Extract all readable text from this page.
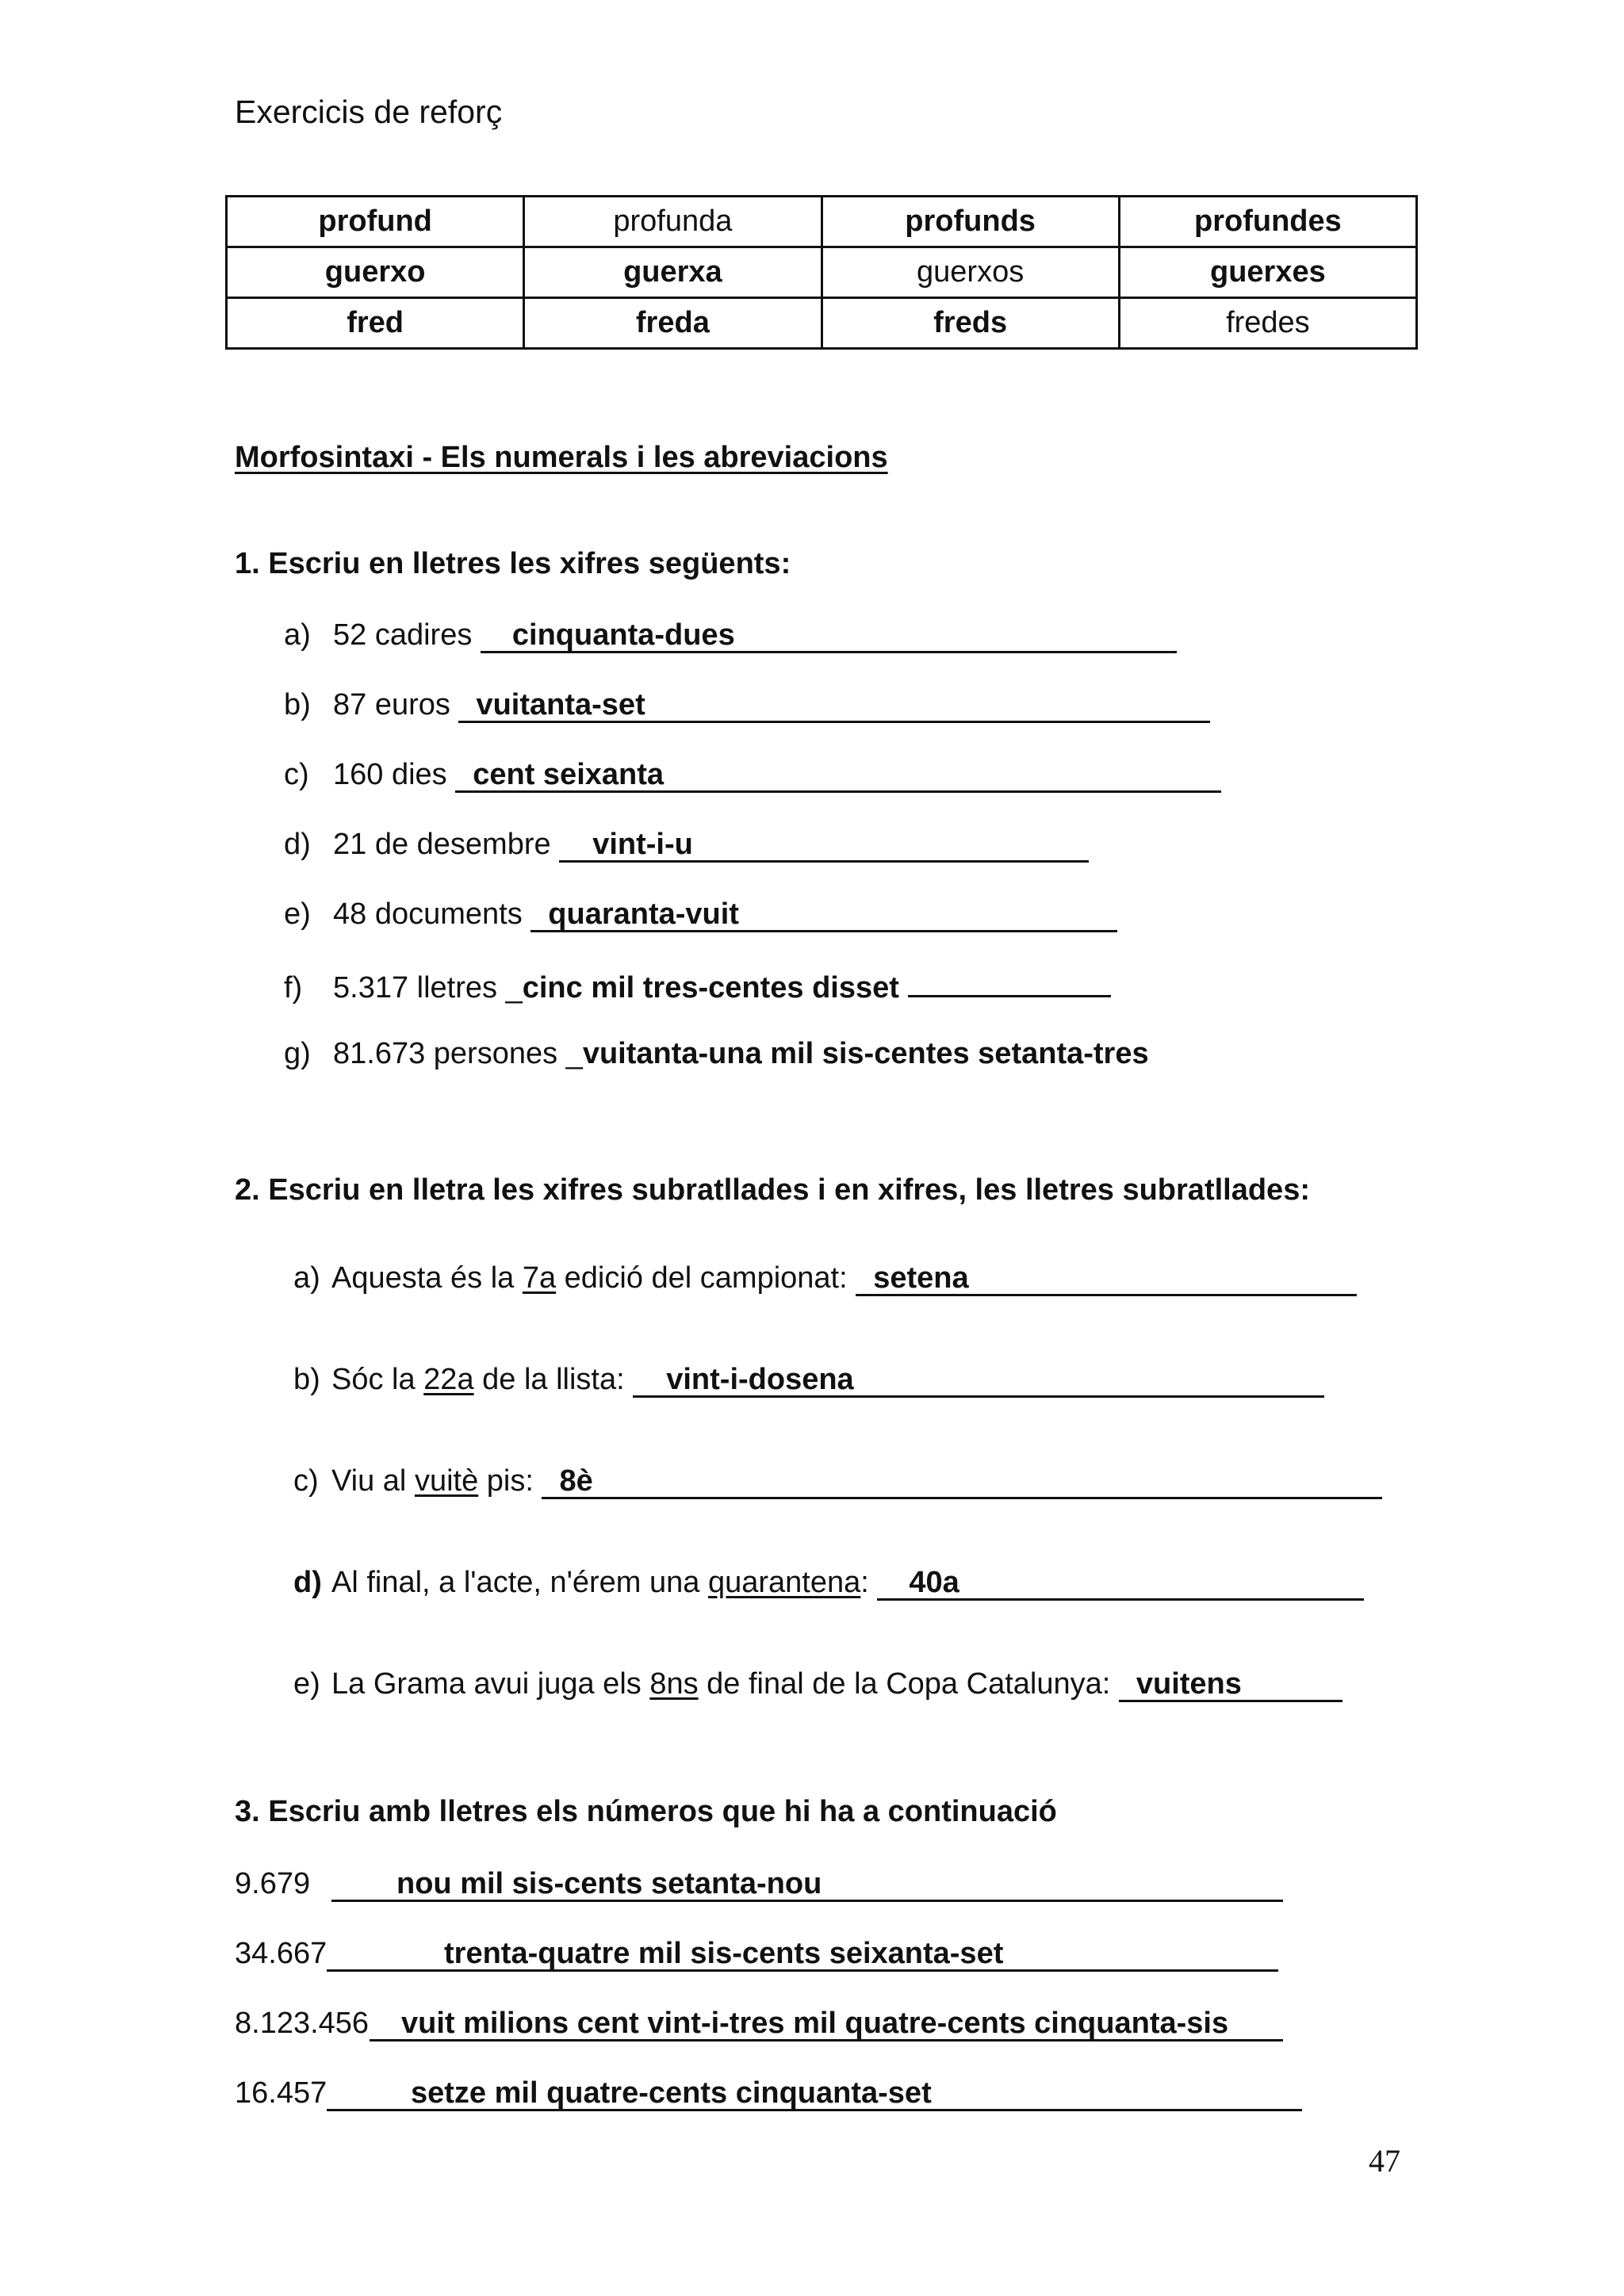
Exercicis de reforç
profund	profunda	profunds	profundes
guerxo	guerxa	guerxos	guerxes
fred	freda	freds	fredes
Morfosintaxi - Els numerals i les abreviacions
1. Escriu en lletres les xifres següents:
a) 52 cadires cinquanta-dues
b) 87 euros vuitanta-set
c) 160 dies cent seixanta
d) 21 de desembre vint-i-u
e) 48 documents quaranta-vuit
f) 5.317 lletres _cinc mil tres-centes disset
g) 81.673 persones _vuitanta-una mil sis-centes setanta-tres
2. Escriu en lletra les xifres subratllades i en xifres, les lletres subratllades:
a) Aquesta és la 7a edició del campionat: setena
b) Sóc la 22a de la llista: vint-i-dosena
c) Viu al vuitè pis: 8è
d) Al final, a l'acte, n'érem una quarantena: 40a
e) La Grama avui juga els 8ns de final de la Copa Catalunya: vuitens
3. Escriu amb lletres els números que hi ha a continuació
9.679	nou mil sis-cents setanta-nou
34.667	trenta-quatre mil sis-cents seixanta-set
8.123.456 vuit milions cent vint-i-tres mil quatre-cents cinquanta-sis
16.457	setze mil quatre-cents cinquanta-set
47
